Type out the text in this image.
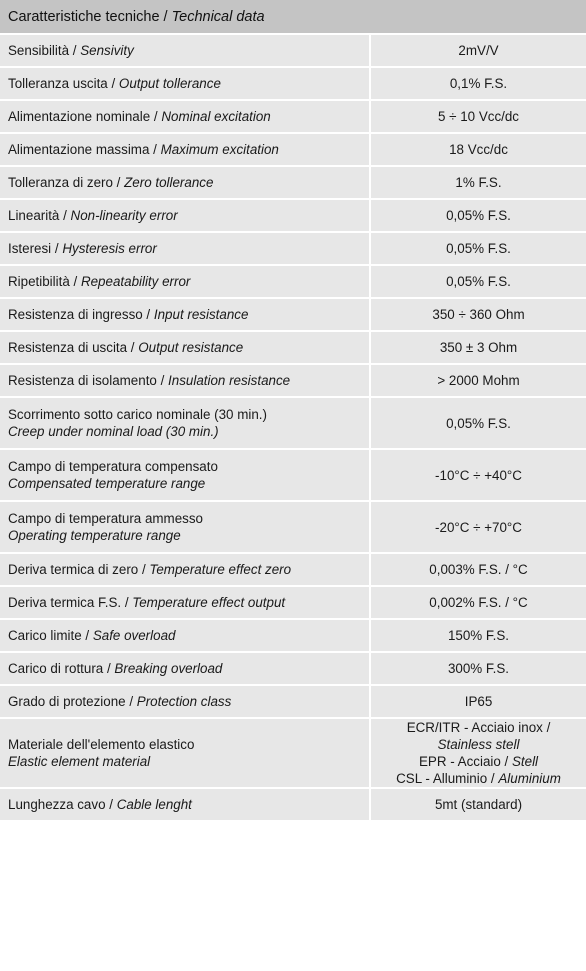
Caratteristiche tecniche / Technical data	
Sensibilità / Sensivity	2mV/V
Tolleranza uscita / Output tollerance	0,1% F.S.
Alimentazione nominale / Nominal excitation	5 ÷ 10 Vcc/dc
Alimentazione massima / Maximum excitation	18 Vcc/dc
Tolleranza di zero / Zero tollerance	1% F.S.
Linearità / Non-linearity error	0,05% F.S.
Isteresi / Hysteresis error	0,05% F.S.
Ripetibilità / Repeatability error	0,05% F.S.
Resistenza di ingresso / Input resistance	350 ÷ 360 Ohm
Resistenza di uscita / Output resistance	350 ± 3 Ohm
Resistenza di isolamento / Insulation resistance	> 2000 Mohm

Scorrimento sotto carico nominale (30 min.)
Creep under nominal load (30 min.)	0,05% F.S.

Campo di temperatura compensato
Compensated temperature range	-10°C ÷ +40°C

Campo di temperatura ammesso
Operating temperature range	-20°C ÷ +70°C
Deriva termica di zero / Temperature effect zero	0,003% F.S. / °C
Deriva termica F.S. / Temperature effect output	0,002% F.S. / °C
Carico limite / Safe overload	150% F.S.
Carico di rottura / Breaking overload	300% F.S.
Grado di protezione / Protection class	IP65

Materiale dell'elemento elastico
Elastic element material	ECR/ITR - Acciaio inox /
Stainless stell
EPR - Acciaio / Stell
CSL - Alluminio / Aluminium

Lunghezza cavo / Cable lenght	5mt (standard)
